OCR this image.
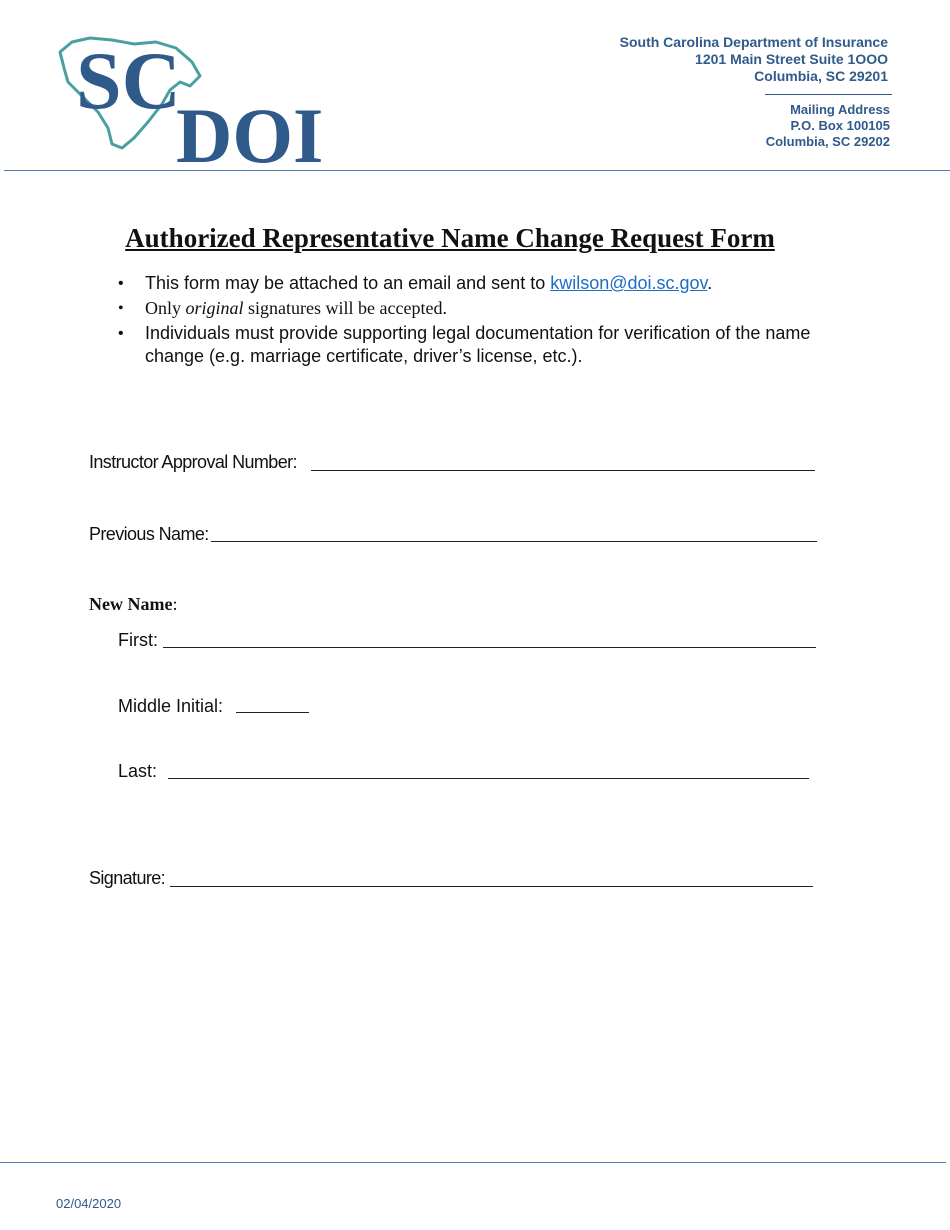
SC
DOI
South Carolina Department of Insurance
1201 Main Street Suite 1OOO
Columbia, SC 29201
Mailing Address
P.O. Box 100105
Columbia, SC 29202
Authorized Representative Name Change Request Form
• This form may be attached to an email and sent to kwilson@doi.sc.gov.
• Only original signatures will be accepted.
• Individuals must provide supporting legal documentation for verification of the name change (e.g. marriage certificate, driver’s license, etc.).
Instructor Approval Number:
Previous Name:
New Name:
First:
Middle Initial:
Last:
Signature:
02/04/2020
